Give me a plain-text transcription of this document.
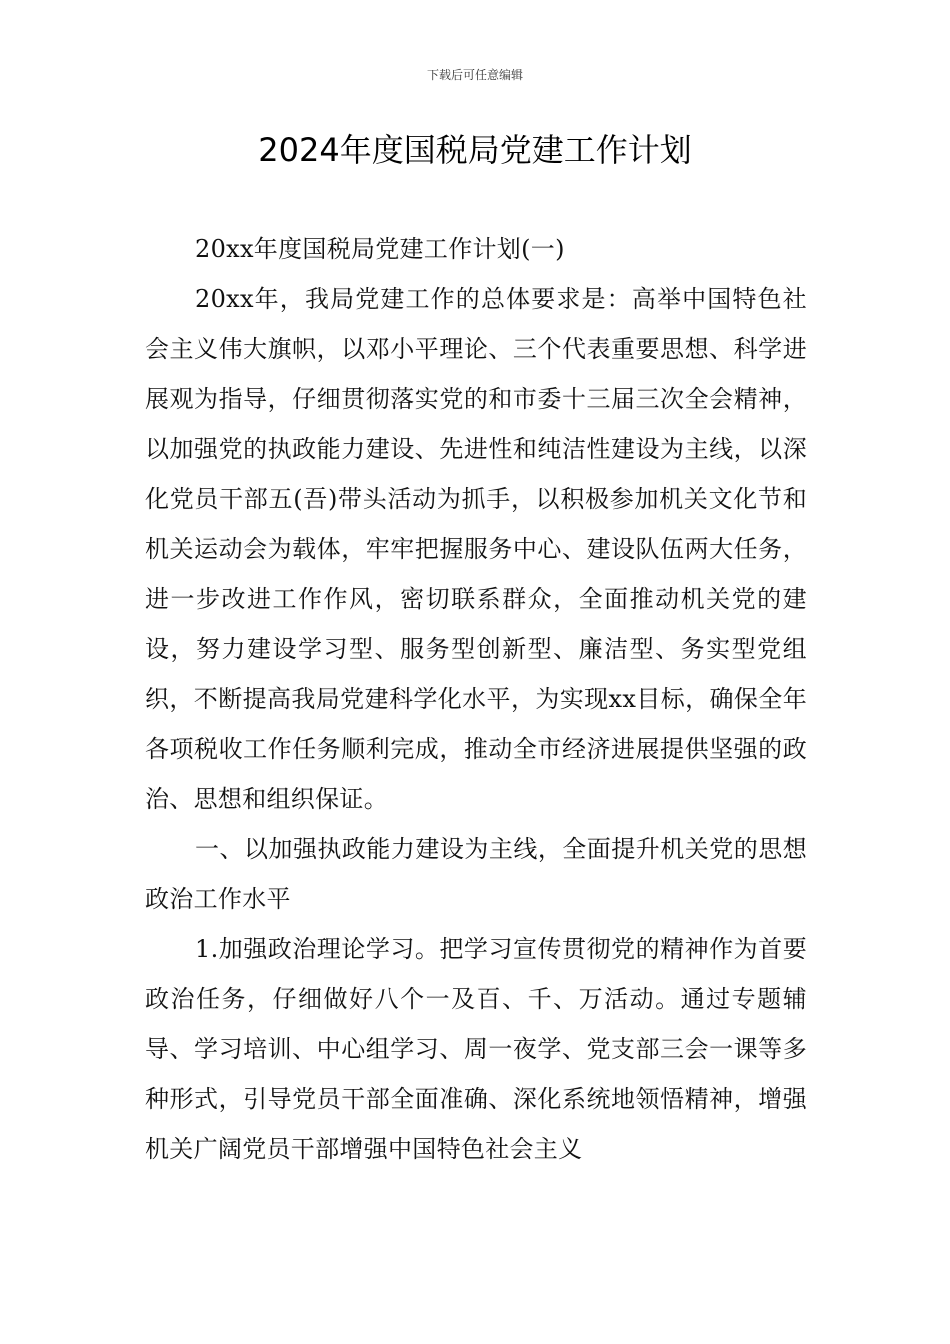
下载后可任意编辑
2024年度国税局党建工作计划

20xx年度国税局党建工作计划(一)

20xx年，我局党建工作的总体要求是：高举中国特色社会主义伟大旗帜，以邓小平理论、三个代表重要思想、科学进展观为指导，仔细贯彻落实党的和市委十三届三次全会精神，以加强党的执政能力建设、先进性和纯洁性建设为主线，以深化党员干部五(吾)带头活动为抓手，以积极参加机关文化节和机关运动会为载体，牢牢把握服务中心、建设队伍两大任务，进一步改进工作作风，密切联系群众，全面推动机关党的建设，努力建设学习型、服务型创新型、廉洁型、务实型党组织，不断提高我局党建科学化水平，为实现xx目标，确保全年各项税收工作任务顺利完成，推动全市经济进展提供坚强的政治、思想和组织保证。

一、以加强执政能力建设为主线，全面提升机关党的思想政治工作水平

1.加强政治理论学习。把学习宣传贯彻党的精神作为首要政治任务，仔细做好八个一及百、千、万活动。通过专题辅导、学习培训、中心组学习、周一夜学、党支部三会一课等多种形式，引导党员干部全面准确、深化系统地领悟精神，增强机关广阔党员干部增强中国特色社会主义
